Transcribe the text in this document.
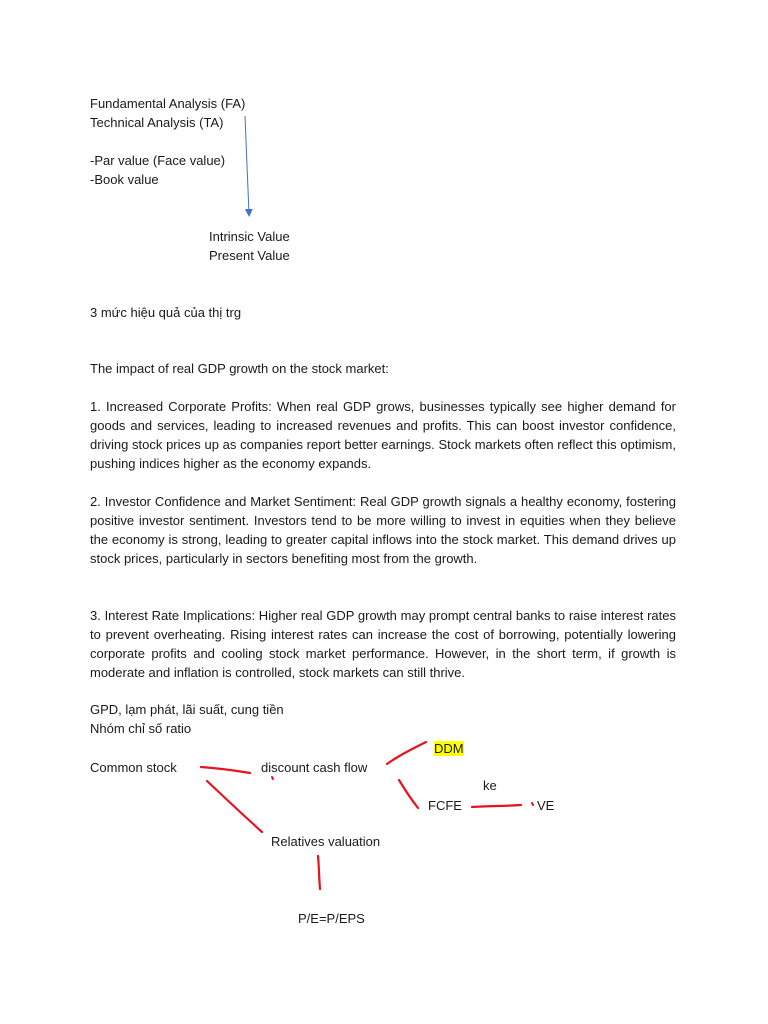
Fundamental Analysis (FA)
Technical Analysis (TA)
-Par value (Face value)
-Book value
Intrinsic Value
Present Value
3 mức hiệu quả của thị trg
The impact of real GDP growth on the stock market:
1. Increased Corporate Profits: When real GDP grows, businesses typically see higher demand for goods and services, leading to increased revenues and profits. This can boost investor confidence, driving stock prices up as companies report better earnings. Stock markets often reflect this optimism, pushing indices higher as the economy expands.
2. Investor Confidence and Market Sentiment: Real GDP growth signals a healthy economy, fostering positive investor sentiment. Investors tend to be more willing to invest in equities when they believe the economy is strong, leading to greater capital inflows into the stock market. This demand drives up stock prices, particularly in sectors benefiting most from the growth.
3. Interest Rate Implications: Higher real GDP growth may prompt central banks to raise interest rates to prevent overheating. Rising interest rates can increase the cost of borrowing, potentially lowering corporate profits and cooling stock market performance. However, in the short term, if growth is moderate and inflation is controlled, stock markets can still thrive.
GPD, lạm phát, lãi suất, cung tiền
Nhóm chỉ số ratio
Common stock	discount cash flow
DDM
ke
FCFE	VE
Relatives valuation
P/E=P/EPS
